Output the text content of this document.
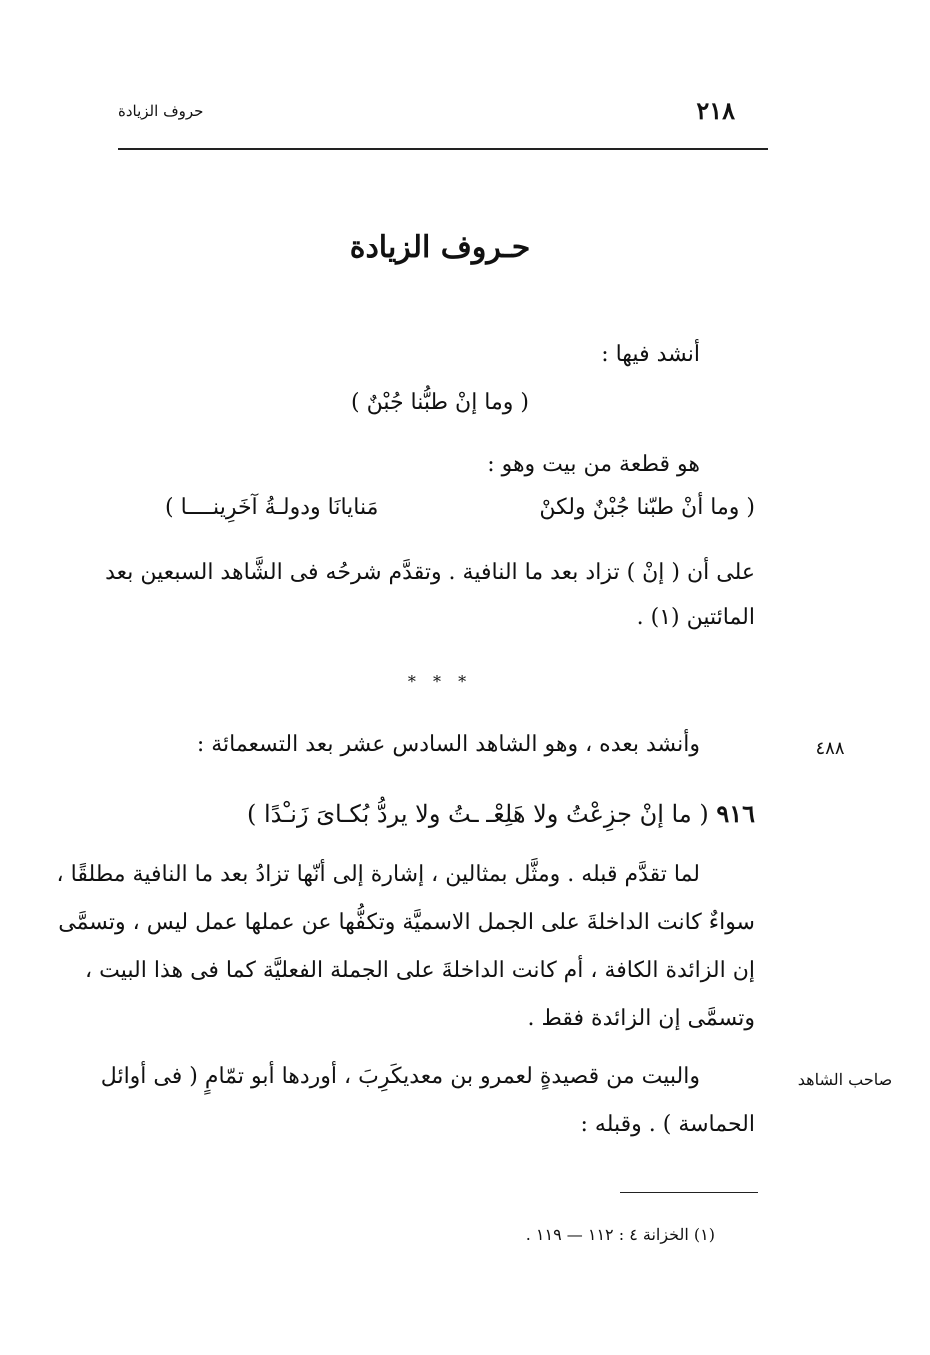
حروف الزيادة	٢١٨
حـروف الزيادة
أنشد فيها :
( وما إنْ طبُّنا جُبْنٌ )
هو قطعة من بيت وهو :
( وما أنْ طبّنا جُبْنٌ ولكنْ
مَنايانَا ودولـةُ آخَرِينــــا )
على أن ( إنْ ) تزاد بعد ما النافية . وتقدَّم شرحُه فى الشَّاهد السبعين بعد
المائتين (١) .
* * *
٤٨٨
وأنشد بعده ، وهو الشاهد السادس عشر بعد التسعمائة :
٩١٦ ( ما إنْ جزِعْتُ ولا هَلِعْـ ـتُ ولا يردُّ بُكـاىَ زَنـْدًا )
لما تقدَّم قبله . ومثَّل بمثالين ، إشارة إلى أنّها تزادُ بعد ما النافية مطلقًا ،
سواءٌ كانت الداخلةَ على الجمل الاسميَّة وتكفُّها عن عملها عمل ليس ، وتسمَّى
إن الزائدة الكافة ، أم كانت الداخلةَ على الجملة الفعليَّة كما فى هذا البيت ،
وتسمَّى إن الزائدة فقط .
صاحب الشاهد
والبيت من قصيدةٍ لعمرو بن معديكَرِبَ ، أوردها أبو تمّامٍ ( فى أوائل
الحماسة ) . وقبله :
(١) الخزانة ٤ : ١١٢ — ١١٩ .
